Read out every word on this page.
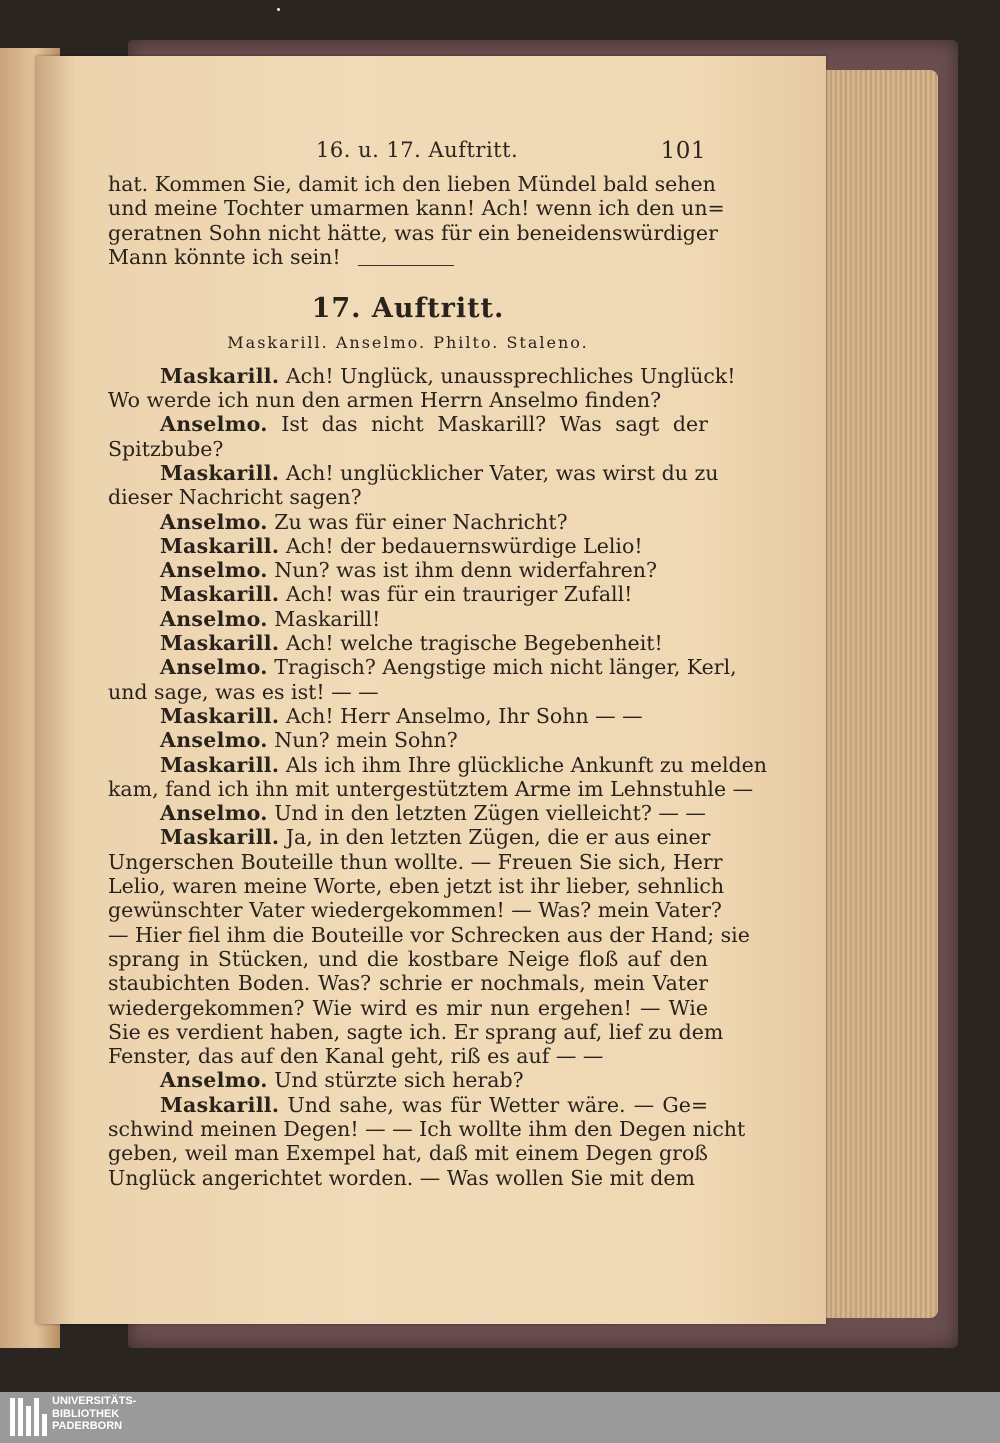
16. u. 17. Auftritt.	101
hat. Kommen Sie, damit ich den lieben Mündel bald sehen
und meine Tochter umarmen kann! Ach! wenn ich den un=
geratnen Sohn nicht hätte, was für ein beneidenswürdiger
Mann könnte ich sein!
17. Auftritt.
Maskarill. Anselmo. Philto. Staleno.
Maskarill. Ach! Unglück, unaussprechliches Unglück!
Wo werde ich nun den armen Herrn Anselmo finden?
Anselmo. Ist das nicht Maskarill? Was sagt der
Spitzbube?
Maskarill. Ach! unglücklicher Vater, was wirst du zu
dieser Nachricht sagen?
Anselmo. Zu was für einer Nachricht?
Maskarill. Ach! der bedauernswürdige Lelio!
Anselmo. Nun? was ist ihm denn widerfahren?
Maskarill. Ach! was für ein trauriger Zufall!
Anselmo. Maskarill!
Maskarill. Ach! welche tragische Begebenheit!
Anselmo. Tragisch? Aengstige mich nicht länger, Kerl,
und sage, was es ist! — —
Maskarill. Ach! Herr Anselmo, Ihr Sohn — —
Anselmo. Nun? mein Sohn?
Maskarill. Als ich ihm Ihre glückliche Ankunft zu melden
kam, fand ich ihn mit untergestütztem Arme im Lehnstuhle —
Anselmo. Und in den letzten Zügen vielleicht? — —
Maskarill. Ja, in den letzten Zügen, die er aus einer
Ungerschen Bouteille thun wollte. — Freuen Sie sich, Herr
Lelio, waren meine Worte, eben jetzt ist ihr lieber, sehnlich
gewünschter Vater wiedergekommen! — Was? mein Vater?
— Hier fiel ihm die Bouteille vor Schrecken aus der Hand; sie
sprang in Stücken, und die kostbare Neige floß auf den
staubichten Boden. Was? schrie er nochmals, mein Vater
wiedergekommen? Wie wird es mir nun ergehen! — Wie
Sie es verdient haben, sagte ich. Er sprang auf, lief zu dem
Fenster, das auf den Kanal geht, riß es auf — —
Anselmo. Und stürzte sich herab?
Maskarill. Und sahe, was für Wetter wäre. — Ge=
schwind meinen Degen! — — Ich wollte ihm den Degen nicht
geben, weil man Exempel hat, daß mit einem Degen groß
Unglück angerichtet worden. — Was wollen Sie mit dem
UNIVERSITÄTS-
BIBLIOTHEK
PADERBORN
